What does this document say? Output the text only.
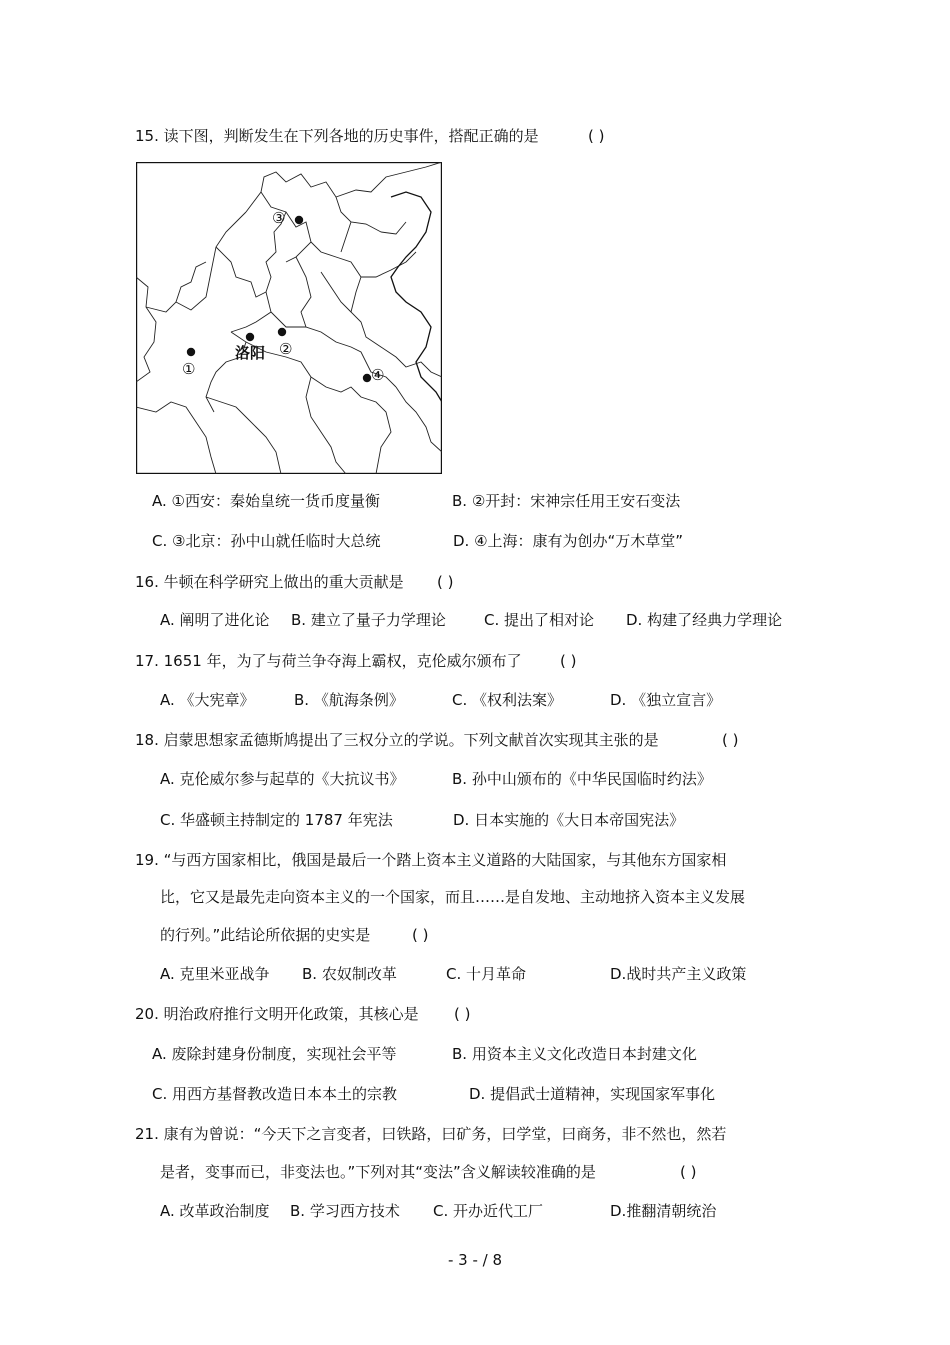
15. 读下图，判断发生在下列各地的历史事件，搭配正确的是	( )
③
①
洛阳 ②
④
A. ①西安：秦始皇统一货币度量衡	B. ②开封：宋神宗任用王安石变法
C. ③北京：孙中山就任临时大总统	D. ④上海：康有为创办“万木草堂”
16. 牛顿在科学研究上做出的重大贡献是 ( )
A. 阐明了进化论 B. 建立了量子力学理论	C. 提出了相对论 D. 构建了经典力学理论
17. 1651 年，为了与荷兰争夺海上霸权，克伦威尔颁布了	( )
A. 《大宪章》	B. 《航海条例》	C. 《权利法案》	D. 《独立宣言》
18. 启蒙思想家孟德斯鸠提出了三权分立的学说。下列文献首次实现其主张的是	( )
A. 克伦威尔参与起草的《大抗议书》	B. 孙中山颁布的《中华民国临时约法》
C. 华盛顿主持制定的 1787 年宪法	D. 日本实施的《大日本帝国宪法》
19. “与西方国家相比，俄国是最后一个踏上资本主义道路的大陆国家，与其他东方国家相
比，它又是最先走向资本主义的一个国家，而且……是自发地、主动地挤入资本主义发展
的行列。”此结论所依据的史实是	( )
A. 克里米亚战争 B. 农奴制改革	C. 十月革命	D.战时共产主义政策
20. 明治政府推行文明开化政策，其核心是 ( )
A. 废除封建身份制度，实现社会平等	B. 用资本主义文化改造日本封建文化
C. 用西方基督教改造日本本土的宗教	D. 提倡武士道精神，实现国家军事化
21. 康有为曾说：“今天下之言变者，曰铁路，曰矿务，曰学堂，曰商务，非不然也，然若
是者，变事而已，非变法也。”下列对其“变法”含义解读较准确的是	( )
A. 改革政治制度 B. 学习西方技术 C. 开办近代工厂	D.推翻清朝统治
- 3 - / 8
